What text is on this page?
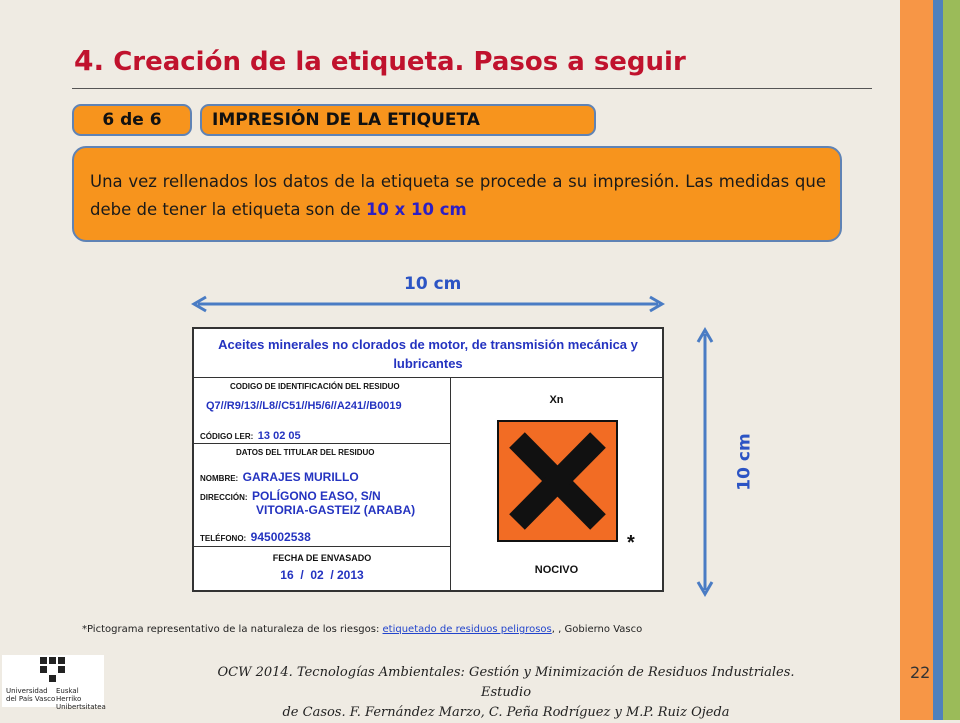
4. Creación de la etiqueta. Pasos a seguir
6 de 6	IMPRESIÓN DE LA ETIQUETA
Una vez rellenados los datos de la etiqueta se procede a su impresión. Las medidas que debe de tener la etiqueta son de 10 x 10 cm
10 cm
10 cm
Aceites minerales no clorados de motor, de transmisión mecánica y
lubricantes
CODIGO DE IDENTIFICACIÓN DEL RESIDUO
Q7//R9/13//L8//C51//H5/6//A241//B0019
CÓDIGO LER: 13 02 05
DATOS DEL TITULAR DEL RESIDUO
NOMBRE: GARAJES MURILLO
DIRECCIÓN: POLÍGONO EASO, S/N
VITORIA-GASTEIZ (ARABA)
TELÉFONO: 945002538
FECHA DE ENVASADO
16  /  02  / 2013
Xn
NOCIVO
*
*Pictograma representativo de la naturaleza de los riesgos: etiquetado de residuos peligrosos, , Gobierno Vasco
Universidad
del País Vasco
Euskal Herriko
Unibertsitatea
OCW 2014. Tecnologías Ambientales: Gestión y Minimización de Residuos Industriales. Estudio
de Casos. F. Fernández Marzo, C. Peña Rodríguez y M.P. Ruiz Ojeda
22
